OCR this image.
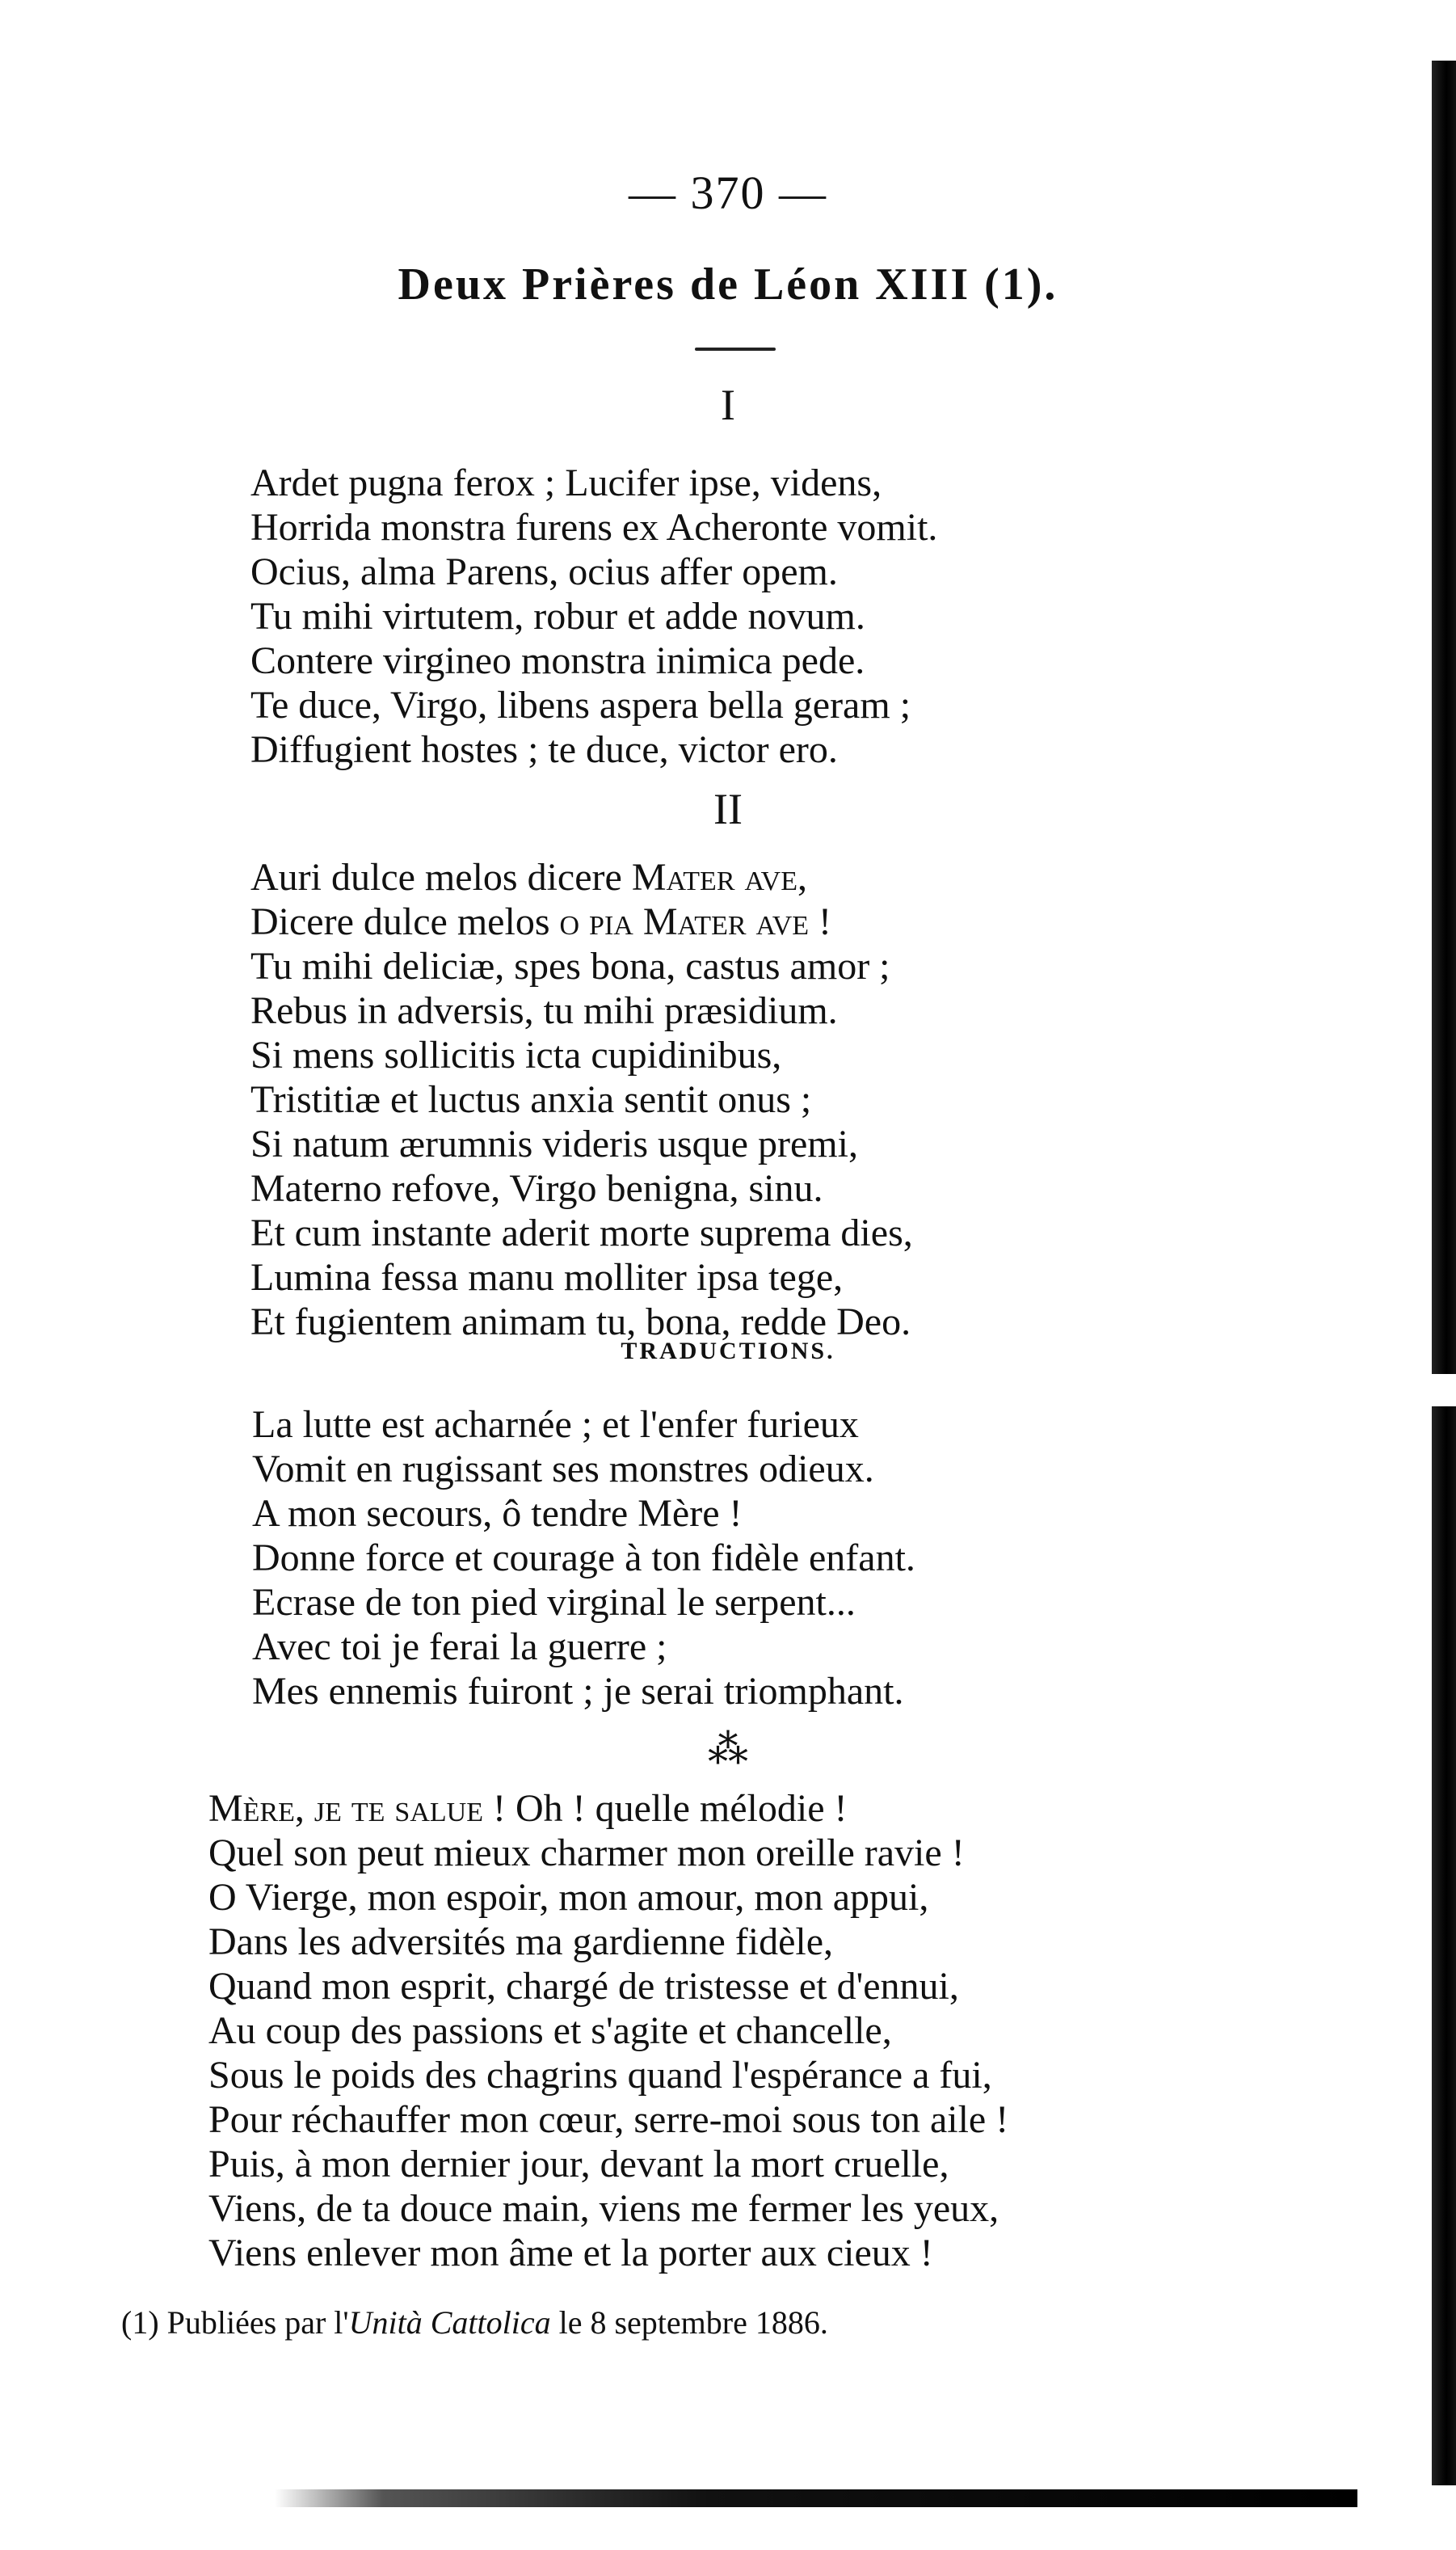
— 370 —
Deux Prières de Léon XIII (1).
I
Ardet pugna ferox ; Lucifer ipse, videns,
Horrida monstra furens ex Acheronte vomit.
Ocius, alma Parens, ocius affer opem.
Tu mihi virtutem, robur et adde novum.
Contere virgineo monstra inimica pede.
Te duce, Virgo, libens aspera bella geram ;
Diffugient hostes ; te duce, victor ero.
II
Auri dulce melos dicere Mater ave,
Dicere dulce melos o pia Mater ave !
Tu mihi deliciæ, spes bona, castus amor ;
Rebus in adversis, tu mihi præsidium.
Si mens sollicitis icta cupidinibus,
Tristitiæ et luctus anxia sentit onus ;
Si natum ærumnis videris usque premi,
Materno refove, Virgo benigna, sinu.
Et cum instante aderit morte suprema dies,
Lumina fessa manu molliter ipsa tege,
Et fugientem animam tu, bona, redde Deo.
TRADUCTIONS.
La lutte est acharnée ; et l'enfer furieux
Vomit en rugissant ses monstres odieux.
A mon secours, ô tendre Mère !
Donne force et courage à ton fidèle enfant.
Ecrase de ton pied virginal le serpent...
Avec toi je ferai la guerre ;
Mes ennemis fuiront ; je serai triomphant.
⁂
Mère, je te salue ! Oh ! quelle mélodie !
Quel son peut mieux charmer mon oreille ravie !
O Vierge, mon espoir, mon amour, mon appui,
Dans les adversités ma gardienne fidèle,
Quand mon esprit, chargé de tristesse et d'ennui,
Au coup des passions et s'agite et chancelle,
Sous le poids des chagrins quand l'espérance a fui,
Pour réchauffer mon cœur, serre-moi sous ton aile !
Puis, à mon dernier jour, devant la mort cruelle,
Viens, de ta douce main, viens me fermer les yeux,
Viens enlever mon âme et la porter aux cieux !
(1) Publiées par l'Unità Cattolica le 8 septembre 1886.
